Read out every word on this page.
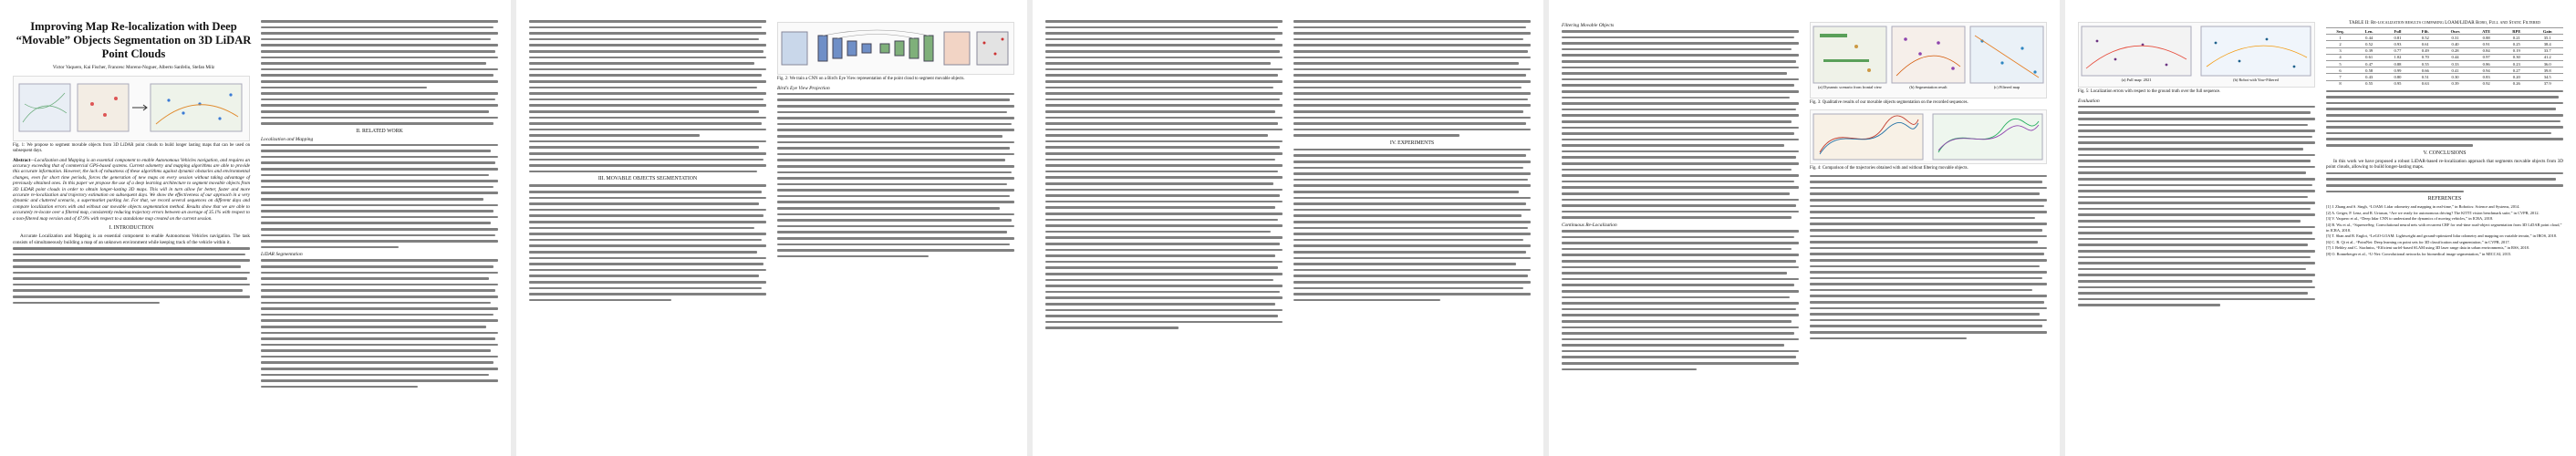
Improving Map Re-localization with Deep “Movable” Objects Segmentation on 3D LiDAR Point Clouds

Victor Vaquero, Kai Fischer, Francesc Moreno-Noguer, Alberto Sanfeliu, Stefan Milz

Fig. 1: We propose to segment movable objects from 3D LiDAR point clouds to build longer lasting maps that can be used on subsequent days.

Abstract—Localization and Mapping is an essential component to enable Autonomous Vehicles navigation, and requires an accuracy exceeding that of commercial GPS-based systems. Current odometry and mapping algorithms are able to provide this accurate information. However, the lack of robustness of these algorithms against dynamic obstacles and environmental changes, even for short time periods, forces the generation of new maps on every session without taking advantage of previously obtained ones. In this paper we propose the use of a deep learning architecture to segment movable objects from 3D LiDAR point clouds in order to obtain longer-lasting 3D maps. This will in turn allow for better, faster and more accurate re-localization and trajectory estimation on subsequent days. We show the effectiveness of our approach in a very dynamic and cluttered scenario, a supermarket parking lot. For that, we record several sequences on different days and compare localization errors with and without our movable objects segmentation method. Results show that we are able to accurately re-locate over a filtered map, consistently reducing trajectory errors between an average of 35.1% with respect to a non-filtered map version and of 47.9% with respect to a standalone map created on the current session.

I. INTRODUCTION

Accurate Localization and Mapping is an essential component to enable Autonomous Vehicles navigation. The task consists of simultaneously building a map of an unknown environment while keeping track of the vehicle within it.

II. RELATED WORK

Localization and Mapping

LiDAR Segmentation

III. MOVABLE OBJECTS SEGMENTATION

Fig. 2: We train a CNN on a Bird's Eye View representation of the point cloud to segment movable objects.

Bird's Eye View Projection

IV. EXPERIMENTS

Filtering Movable Objects

Continuous Re-Localization

(a) Dynamic scenario from frontal view	(b) Segmentation result	(c) Filtered map

Fig. 3: Qualitative results of our movable objects segmentation on the recorded sequences.

Fig. 4: Comparison of the trajectories obtained with and without filtering movable objects.

(a) Full map: 2021	(b) Robot with Yaw-Filtered

Fig. 5: Localization errors with respect to the ground truth over the full sequence.

Evaluation

TABLE II: Re-localization results comparing LOAM/LIDAR Robo, Full and Static Filtered

Seq.	Len.	Full	Filt.	Ours	ATE	RPE	Gain
1	0.44	0.81	0.52	0.31	0.88	0.21	35.1
2	0.52	0.93	0.61	0.40	0.91	0.25	38.4
3	0.39	0.77	0.49	0.28	0.84	0.19	33.7
4	0.61	1.02	0.70	0.44	0.97	0.30	41.2
5	0.47	0.88	0.55	0.33	0.86	0.23	36.0
6	0.58	0.99	0.66	0.41	0.94	0.27	39.8
7	0.43	0.80	0.51	0.30	0.83	0.20	34.5
8	0.55	0.95	0.63	0.39	0.92	0.26	37.9

V. CONCLUSIONS

In this work we have proposed a robust LiDAR-based re-localization approach that segments movable objects from 3D point clouds, allowing to build longer-lasting maps.

REFERENCES

[1] J. Zhang and S. Singh, “LOAM: Lidar odometry and mapping in real-time,” in Robotics: Science and Systems, 2014.
[2] A. Geiger, P. Lenz, and R. Urtasun, “Are we ready for autonomous driving? The KITTI vision benchmark suite,” in CVPR, 2012.
[3] V. Vaquero et al., “Deep lidar CNN to understand the dynamics of moving vehicles,” in ICRA, 2018.
[4] B. Wu et al., “SqueezeSeg: Convolutional neural nets with recurrent CRF for real-time road-object segmentation from 3D LiDAR point cloud,” in ICRA, 2018.
[5] T. Shan and B. Englot, “LeGO-LOAM: Lightweight and ground-optimized lidar odometry and mapping on variable terrain,” in IROS, 2018.
[6] C. R. Qi et al., “PointNet: Deep learning on point sets for 3D classification and segmentation,” in CVPR, 2017.
[7] J. Behley and C. Stachniss, “Efficient surfel-based SLAM using 3D laser range data in urban environments,” in RSS, 2018.
[8] O. Ronneberger et al., “U-Net: Convolutional networks for biomedical image segmentation,” in MICCAI, 2015.
